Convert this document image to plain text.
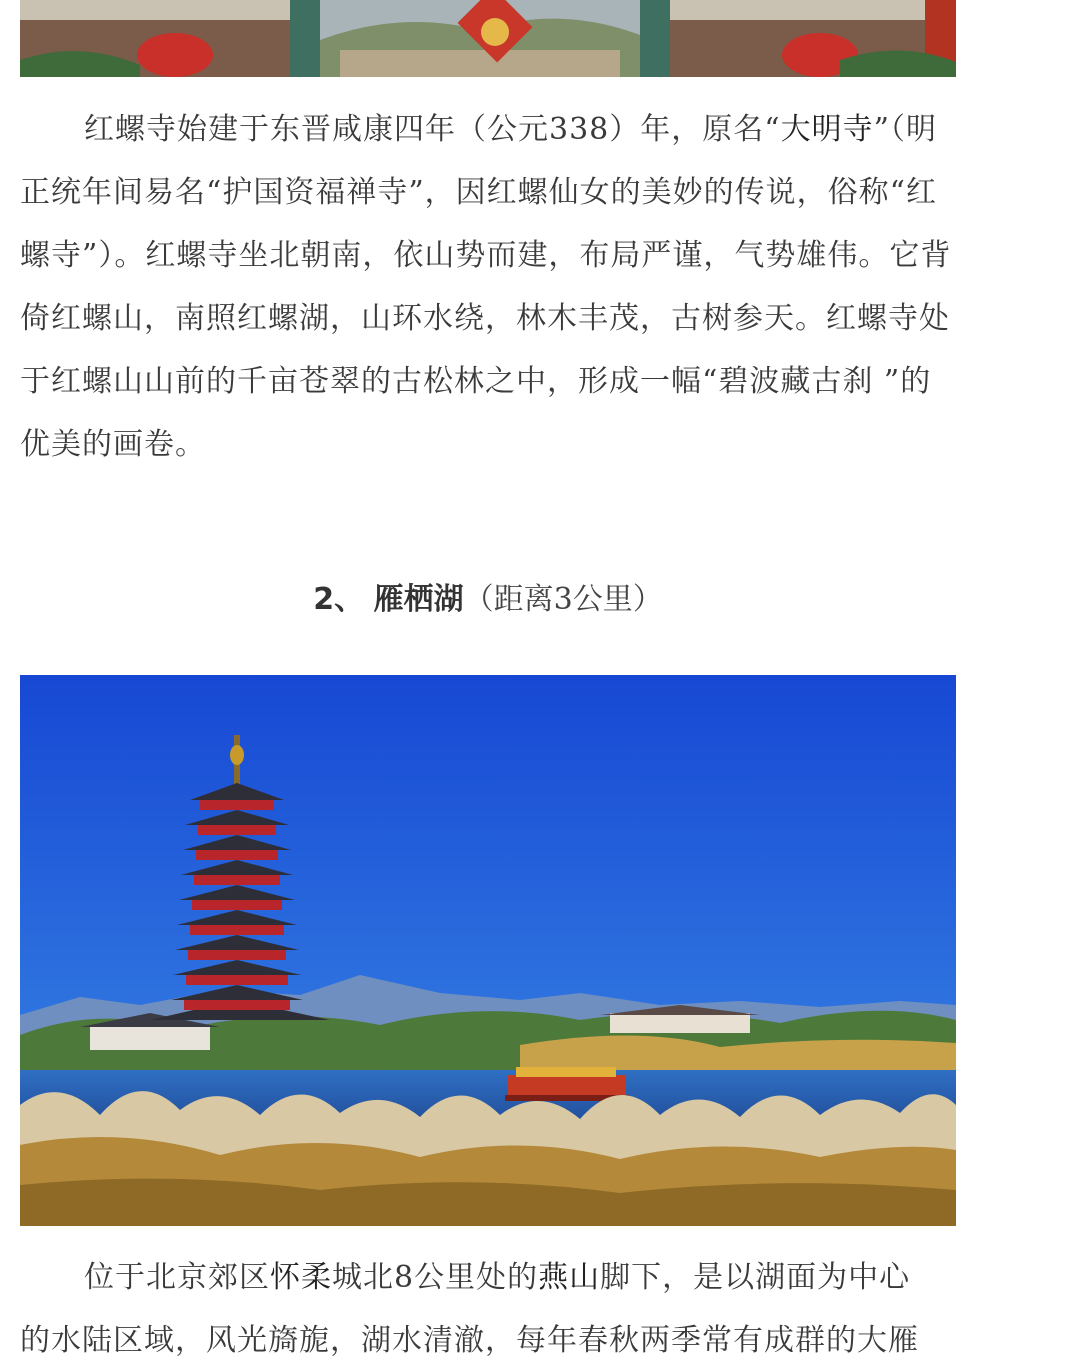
红螺寺始建于东晋咸康四年（公元338）年，原名“大明寺”（明正统年间易名“护国资福禅寺”，因红螺仙女的美妙的传说，俗称“红螺寺”）。红螺寺坐北朝南，依山势而建，布局严谨，气势雄伟。它背倚红螺山，南照红螺湖，山环水绕，林木丰茂，古树参天。红螺寺处于红螺山山前的千亩苍翠的古松林之中，形成一幅“碧波藏古刹 ”的优美的画卷。
2、 雁栖湖（距离3公里）
位于北京郊区怀柔城北8公里处的燕山脚下，是以湖面为中心
的水陆区域，风光旖旎，湖水清澈，每年春秋两季常有成群的大雁
